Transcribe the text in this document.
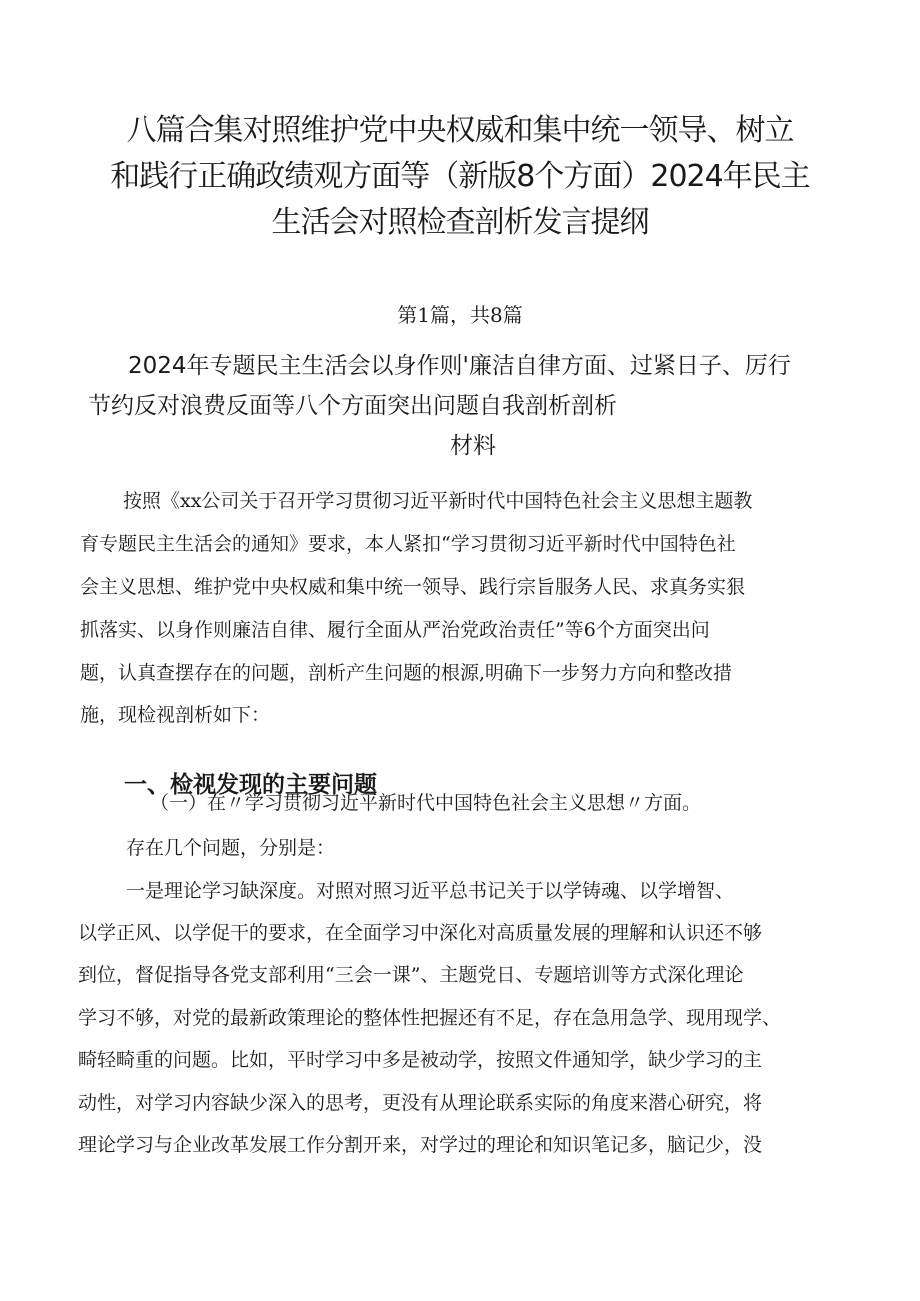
八篇合集对照维护党中央权威和集中统一领导、树立
和践行正确政绩观方面等（新版8个方面）2024年民主
生活会对照检查剖析发言提纲
第1篇，共8篇
2024年专题民主生活会以身作则'廉洁自律方面、过紧日子、厉行
节约反对浪费反面等八个方面突出问题自我剖析剖析
材料
按照《xx公司关于召开学习贯彻习近平新时代中国特色社会主义思想主题教
育专题民主生活会的通知》要求，本人紧扣“学习贯彻习近平新时代中国特色社
会主义思想、维护党中央权威和集中统一领导、践行宗旨服务人民、求真务实狠
抓落实、以身作则廉洁自律、履行全面从严治党政治责任”等6个方面突出问
题，认真查摆存在的问题，剖析产生问题的根源,明确下一步努力方向和整改措
施，现检视剖析如下：
一、检视发现的主要问题
（一）在〃学习贯彻习近平新时代中国特色社会主义思想〃方面。
存在几个问题，分别是：
一是理论学习缺深度。对照对照习近平总书记关于以学铸魂、以学增智、
以学正风、以学促干的要求，在全面学习中深化对高质量发展的理解和认识还不够
到位，督促指导各党支部利用“三会一课”、主题党日、专题培训等方式深化理论
学习不够，对党的最新政策理论的整体性把握还有不足，存在急用急学、现用现学、
畸轻畸重的问题。比如，平时学习中多是被动学，按照文件通知学，缺少学习的主
动性，对学习内容缺少深入的思考，更没有从理论联系实际的角度来潜心研究，将
理论学习与企业改革发展工作分割开来，对学过的理论和知识笔记多，脑记少，没
